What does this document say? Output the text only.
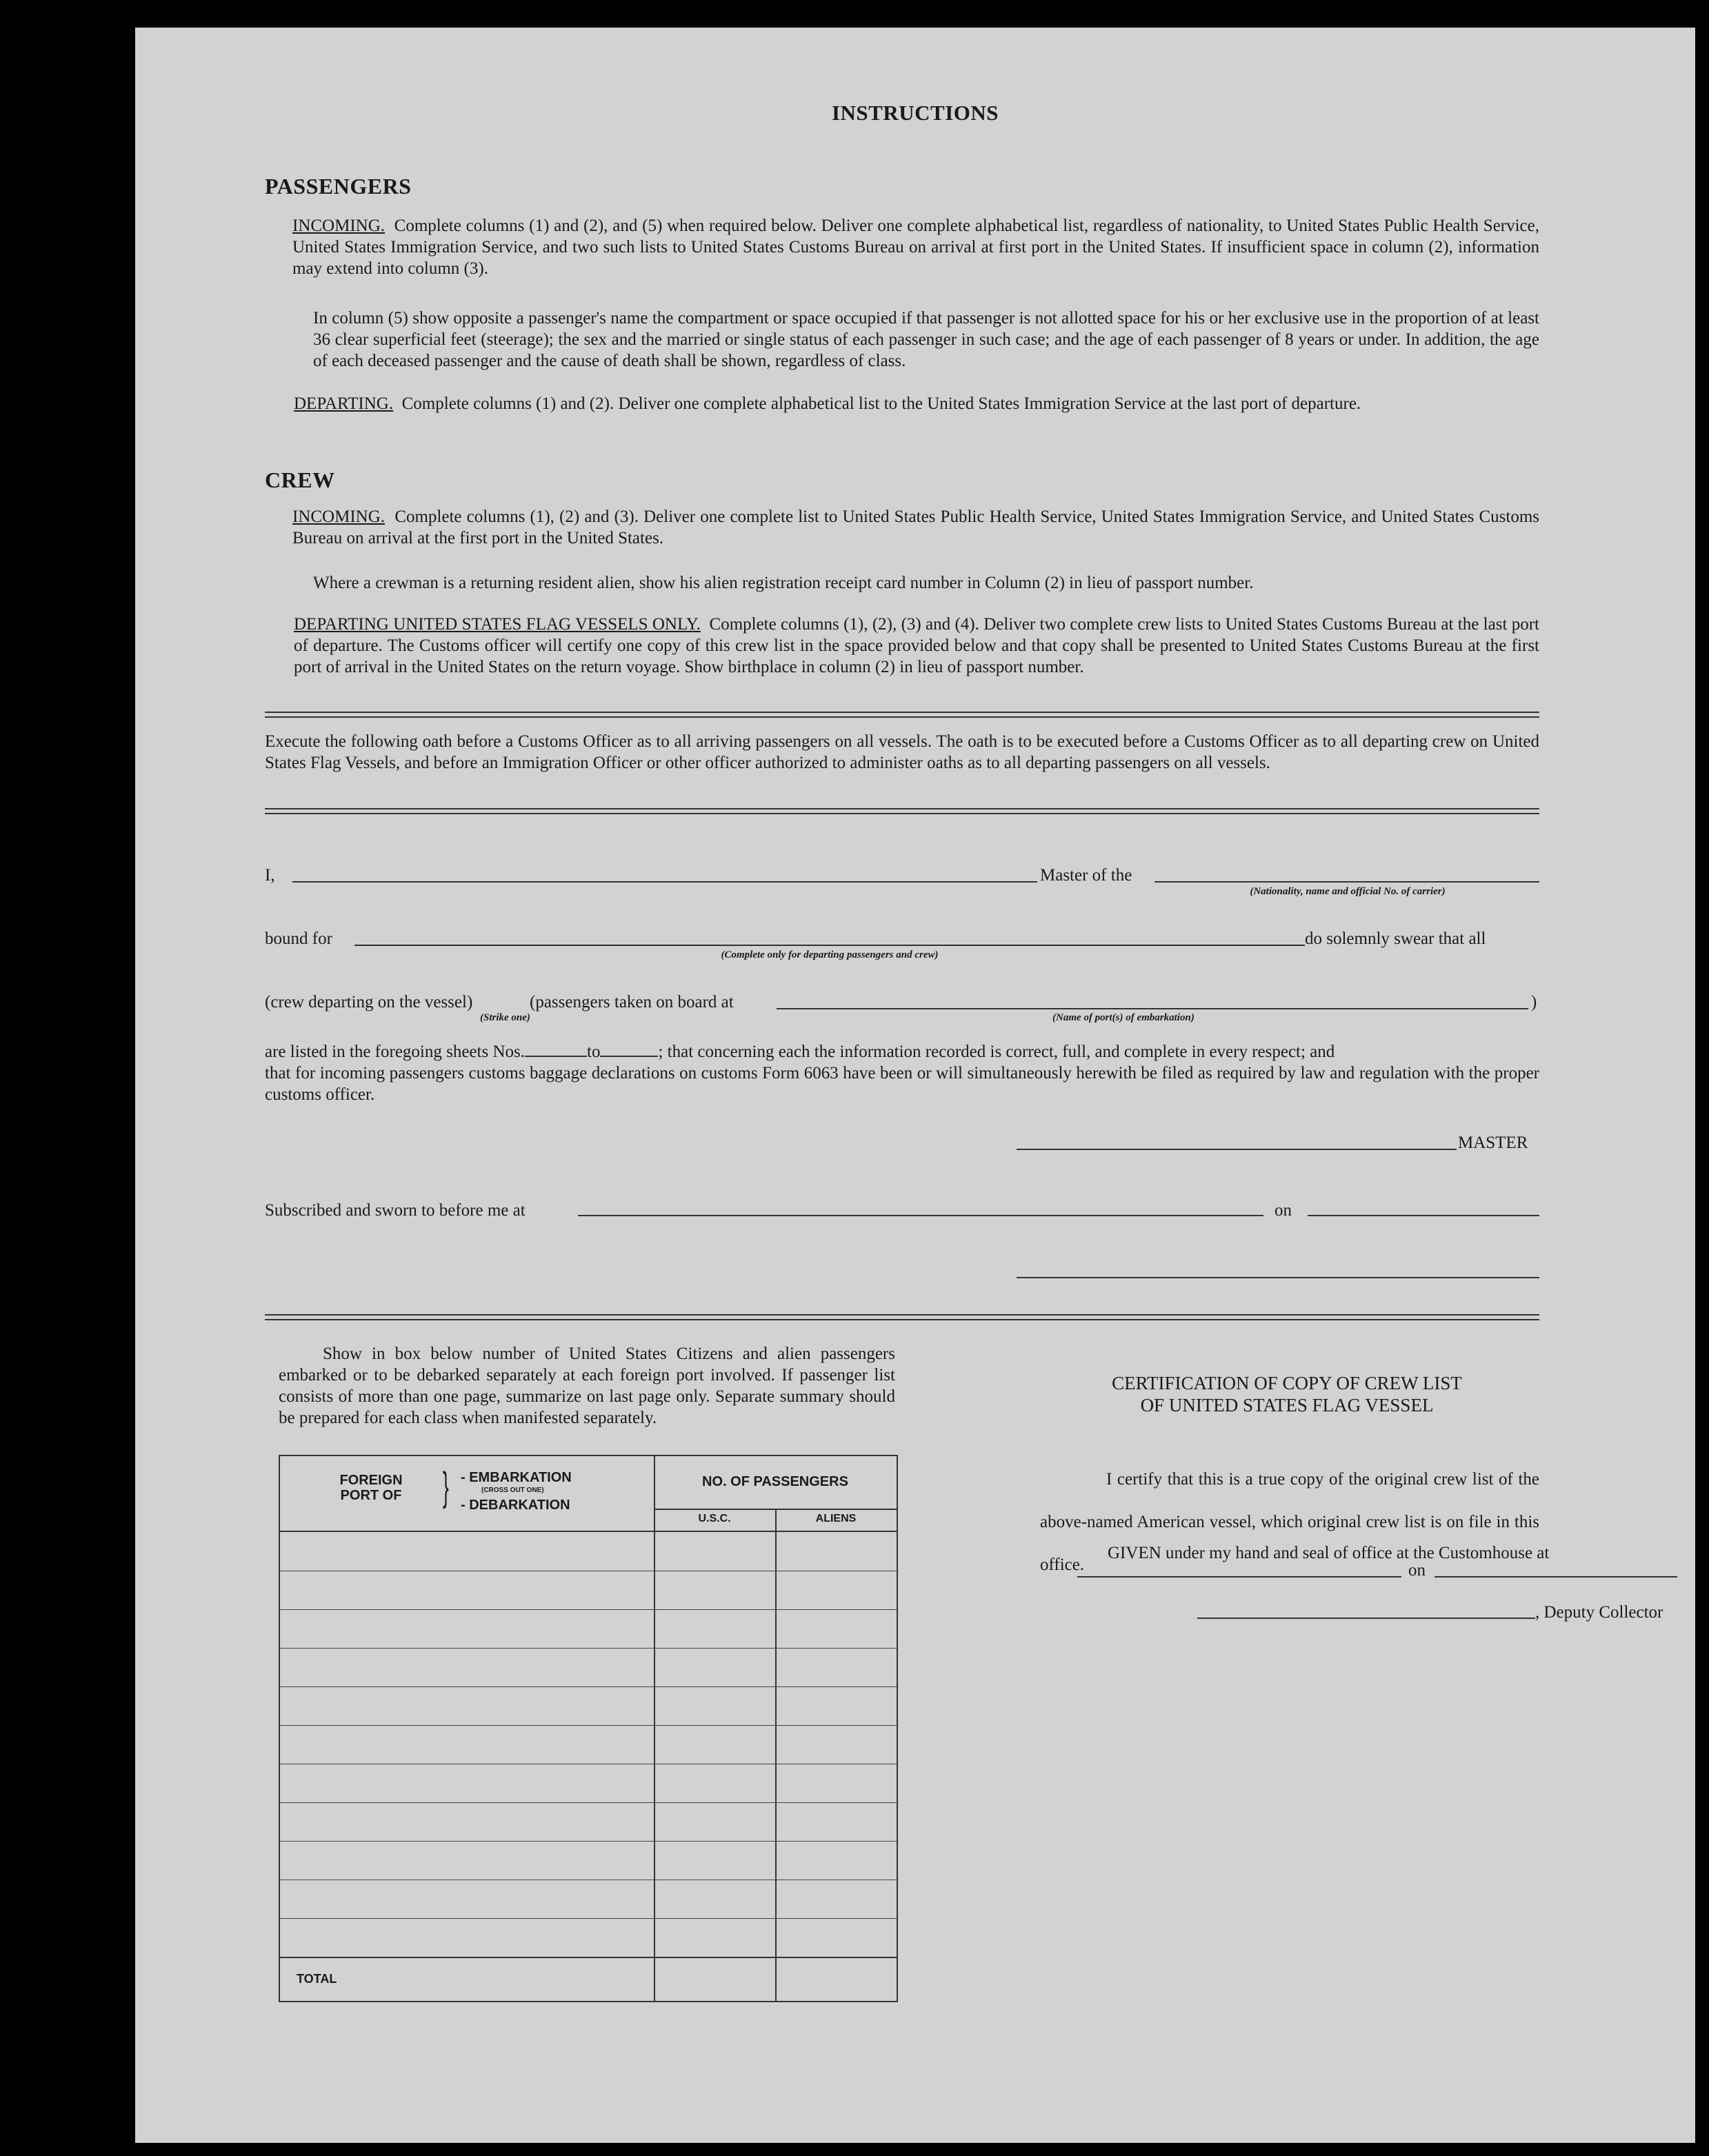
INSTRUCTIONS
PASSENGERS
INCOMING. Complete columns (1) and (2), and (5) when required below. Deliver one complete alphabetical list, regardless of nationality, to United States Public Health Service, United States Immigration Service, and two such lists to United States Customs Bureau on arrival at first port in the United States. If insufficient space in column (2), information may extend into column (3).
In column (5) show opposite a passenger's name the compartment or space occupied if that passenger is not allotted space for his or her exclusive use in the proportion of at least 36 clear superficial feet (steerage); the sex and the married or single status of each passenger in such case; and the age of each passenger of 8 years or under. In addition, the age of each deceased passenger and the cause of death shall be shown, regardless of class.
DEPARTING. Complete columns (1) and (2). Deliver one complete alphabetical list to the United States Immigration Service at the last port of departure.
CREW
INCOMING. Complete columns (1), (2) and (3). Deliver one complete list to United States Public Health Service, United States Immigration Service, and United States Customs Bureau on arrival at the first port in the United States.
Where a crewman is a returning resident alien, show his alien registration receipt card number in Column (2) in lieu of passport number.
DEPARTING UNITED STATES FLAG VESSELS ONLY. Complete columns (1), (2), (3) and (4). Deliver two complete crew lists to United States Customs Bureau at the last port of departure. The Customs officer will certify one copy of this crew list in the space provided below and that copy shall be presented to United States Customs Bureau at the first port of arrival in the United States on the return voyage. Show birthplace in column (2) in lieu of passport number.
Execute the following oath before a Customs Officer as to all arriving passengers on all vessels. The oath is to be executed before a Customs Officer as to all departing crew on United States Flag Vessels, and before an Immigration Officer or other officer authorized to administer oaths as to all departing passengers on all vessels.
I,	Master of the
(Nationality, name and official No. of carrier)
bound for
(Complete only for departing passengers and crew)
do solemnly swear that all
(crew departing on the vessel)	(passengers taken on board at	)
(Strike one)	(Name of port(s) of embarkation)
are listed in the foregoing sheets Nos.	to	; that concerning each the information recorded is correct, full, and complete in every respect; and
that for incoming passengers customs baggage declarations on customs Form 6063 have been or will simultaneously herewith be filed as required by law and regulation with the proper customs officer.
MASTER
Subscribed and sworn to before me at	on
Show in box below number of United States Citizens and alien passengers embarked or to be debarked separately at each foreign port involved. If passenger list consists of more than one page, summarize on last page only. Separate summary should be prepared for each class when manifested separately.
FOREIGN PORT OF	} - EMBARKATION
(CROSS OUT ONE)
- DEBARKATION
NO. OF PASSENGERS
U.S.C.	ALIENS
TOTAL
CERTIFICATION OF COPY OF CREW LIST
OF UNITED STATES FLAG VESSEL
I certify that this is a true copy of the original crew list of the above-named American vessel, which original crew list is on file in this office.
GIVEN under my hand and seal of office at the Customhouse at
on
, Deputy Collector
